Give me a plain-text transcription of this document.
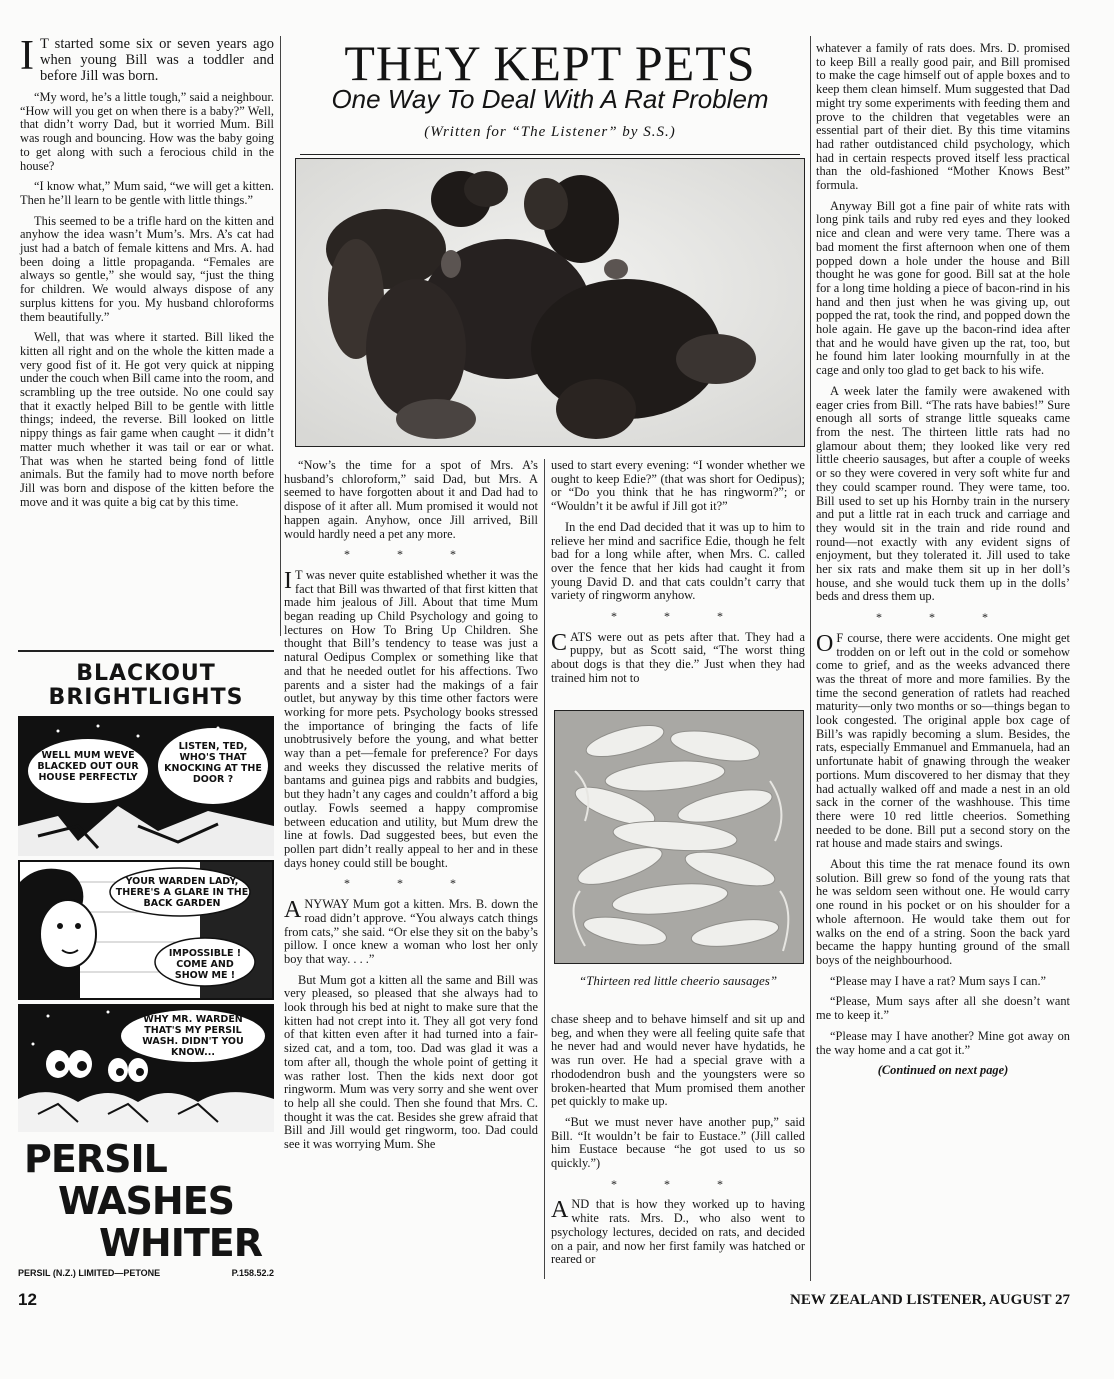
I T started some six or seven years ago when young Bill was a toddler and before Jill was born.

“My word, he’s a little tough,” said a neighbour. “How will you get on when there is a baby?” Well, that didn’t worry Dad, but it worried Mum. Bill was rough and bouncing. How was the baby going to get along with such a ferocious child in the house?

“I know what,” Mum said, “we will get a kitten. Then he’ll learn to be gentle with little things.”

This seemed to be a trifle hard on the kitten and anyhow the idea wasn’t Mum’s. Mrs. A’s cat had just had a batch of female kittens and Mrs. A. had been doing a little propaganda. “Females are always so gentle,” she would say, “just the thing for children. We would always dispose of any surplus kittens for you. My husband chloroforms them beautifully.”

Well, that was where it started. Bill liked the kitten all right and on the whole the kitten made a very good fist of it. He got very quick at nipping under the couch when Bill came into the room, and scrambling up the tree outside. No one could say that it exactly helped Bill to be gentle with little things; indeed, the reverse. Bill looked on little nippy things as fair game when caught — it didn’t matter much whether it was tail or ear or what. That was when he started being fond of little animals. But the family had to move north before Jill was born and dispose of the kitten before the move and it was quite a big cat by this time.

THEY KEPT PETS
One Way To Deal With A Rat Problem
(Written for “The Listener” by S.S.)

“Now’s the time for a spot of Mrs. A’s husband’s chloroform,” said Dad, but Mrs. A seemed to have forgotten about it and Dad had to dispose of it after all. Mum promised it would not happen again. Anyhow, once Jill arrived, Bill would hardly need a pet any more.

* * *

I T was never quite established whether it was the fact that Bill was thwarted of that first kitten that made him jealous of Jill. About that time Mum began reading up Child Psychology and going to lectures on How To Bring Up Children. She thought that Bill’s tendency to tease was just a natural Oedipus Complex or something like that and that he needed outlet for his affections. Two parents and a sister had the makings of a fair outlet, but anyway by this time other factors were working for more pets. Psychology books stressed the importance of bringing the facts of life unobtrusively before the young, and what better way than a pet—female for preference? For days and weeks they discussed the relative merits of bantams and guinea pigs and rabbits and budgies, but they hadn’t any cages and couldn’t afford a big outlay. Fowls seemed a happy compromise between education and utility, but Mum drew the line at fowls. Dad suggested bees, but even the pollen part didn’t really appeal to her and in these days honey could still be bought.

* * *

ANYWAY Mum got a kitten. Mrs. B. down the road didn’t approve. “You always catch things from cats,” she said. “Or else they sit on the baby’s pillow. I once knew a woman who lost her only boy that way. . . .”

But Mum got a kitten all the same and Bill was very pleased, so pleased that she always had to look through his bed at night to make sure that the kitten had not crept into it. They all got very fond of that kitten even after it had turned into a fair-sized cat, and a tom, too. Dad was glad it was a tom after all, though the whole point of getting it was rather lost. Then the kids next door got ringworm. Mum was very sorry and she went over to help all she could. Then she found that Mrs. C. thought it was the cat. Besides she grew afraid that Bill and Jill would get ringworm, too. Dad could see it was worrying Mum. She

used to start every evening: “I wonder whether we ought to keep Edie?” (that was short for Oedipus); or “Do you think that he has ringworm?”; or “Wouldn’t it be awful if Jill got it?”

In the end Dad decided that it was up to him to relieve her mind and sacrifice Edie, though he felt bad for a long while after, when Mrs. C. called over the fence that her kids had caught it from young David D. and that cats couldn’t carry that variety of ringworm anyhow.

* * *

CATS were out as pets after that. They had a puppy, but as Scott said, “The worst thing about dogs is that they die.” Just when they had trained him not to

“Thirteen red little cheerio sausages”

chase sheep and to behave himself and sit up and beg, and when they were all feeling quite safe that he never had and would never have hydatids, he was run over. He had a special grave with a rhododendron bush and the youngsters were so broken-hearted that Mum promised them another pet quickly to make up.

“But we must never have another pup,” said Bill. “It wouldn’t be fair to Eustace.” (Jill called him Eustace because “he got used to us so quickly.”)

* * *

AND that is how they worked up to having white rats. Mrs. D., who also went to psychology lectures, decided on rats, and decided on a pair, and now her first family was hatched or reared or

whatever a family of rats does. Mrs. D. promised to keep Bill a really good pair, and Bill promised to make the cage himself out of apple boxes and to keep them clean himself. Mum suggested that Dad might try some experiments with feeding them and prove to the children that vegetables were an essential part of their diet. By this time vitamins had rather outdistanced child psychology, which had in certain respects proved itself less practical than the old-fashioned “Mother Knows Best” formula.

Anyway Bill got a fine pair of white rats with long pink tails and ruby red eyes and they looked nice and clean and were very tame. There was a bad moment the first afternoon when one of them popped down a hole under the house and Bill thought he was gone for good. Bill sat at the hole for a long time holding a piece of bacon-rind in his hand and then just when he was giving up, out popped the rat, took the rind, and popped down the hole again. He gave up the bacon-rind idea after that and he would have given up the rat, too, but he found him later looking mournfully in at the cage and only too glad to get back to his wife.

A week later the family were awakened with eager cries from Bill. “The rats have babies!” Sure enough all sorts of strange little squeaks came from the nest. The thirteen little rats had no glamour about them; they looked like very red little cheerio sausages, but after a couple of weeks or so they were covered in very soft white fur and they could scamper round. They were tame, too. Bill used to set up his Hornby train in the nursery and put a little rat in each truck and carriage and they would sit in the train and ride round and round—not exactly with any evident signs of enjoyment, but they tolerated it. Jill used to take her six rats and make them sit up in her doll’s house, and she would tuck them up in the dolls’ beds and dress them up.

* * *

O F course, there were accidents. One might get trodden on or left out in the cold or somehow come to grief, and as the weeks advanced there was the threat of more and more families. By the time the second generation of ratlets had reached maturity—only two months or so—things began to look congested. The original apple box cage of Bill’s was rapidly becoming a slum. Besides, the rats, especially Emmanuel and Emmanuela, had an unfortunate habit of gnawing through the weaker portions. Mum discovered to her dismay that they had actually walked off and made a nest in an old sack in the corner of the washhouse. This time there were 10 red little cheerios. Something needed to be done. Bill put a second story on the rat house and made stairs and swings.

About this time the rat menace found its own solution. Bill grew so fond of the young rats that he was seldom seen without one. He would carry one round in his pocket or on his shoulder for a whole afternoon. He would take them out for walks on the end of a string. Soon the back yard became the happy hunting ground of the small boys of the neighbourhood.

“Please may I have a rat? Mum says I can.”

“Please, Mum says after all she doesn’t want me to keep it.”

“Please may I have another? Mine got away on the way home and a cat got it.”

(Continued on next page)

BLACKOUT
BRIGHTLIGHTS
WELL MUM WEVE BLACKED OUT OUR HOUSE PERFECTLY
LISTEN, TED, WHO'S THAT KNOCKING AT THE DOOR ?
YOUR WARDEN LADY, THERE'S A GLARE IN THE BACK GARDEN
IMPOSSIBLE ! COME AND SHOW ME !
WHY MR. WARDEN THAT'S MY PERSIL WASH. DIDN'T YOU KNOW...
PERSIL
WASHES
WHITER
PERSIL (N.Z.) LIMITED—PETONE	P.158.52.2
12	NEW ZEALAND LISTENER, AUGUST 27
